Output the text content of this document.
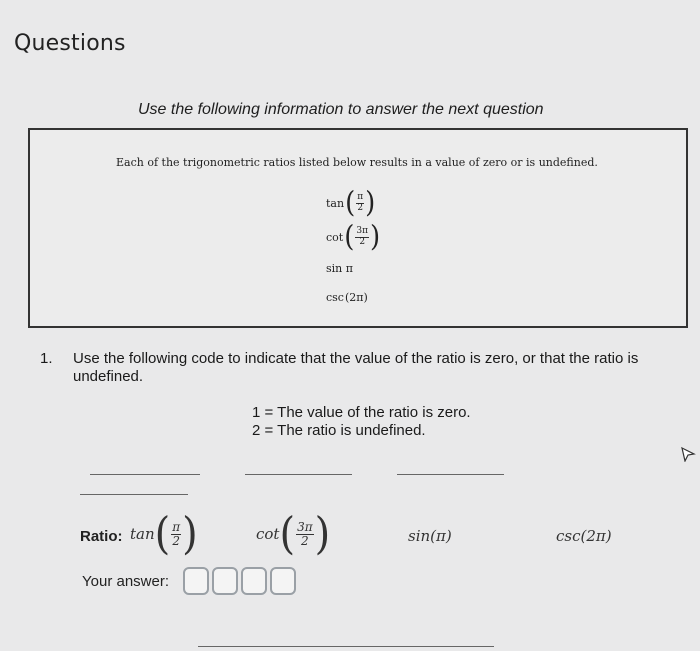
Questions
Use the following information to answer the next question
Each of the trigonometric ratios listed below results in a value of zero or is undefined.
tan ( $\frac{\pi}{2}$ )
cot ( $\frac{3\pi}{2}$ )
sin π
csc (2π)
1. Use the following code to indicate that the value of the ratio is zero, or that the ratio is undefined.
1 = The value of the ratio is zero.
2 = The ratio is undefined.
Ratio: tan ( $\frac{\pi}{2}$ )	cot ( $\frac{3\pi}{2}$ )	sin(π)	csc(2π)
Your answer:
